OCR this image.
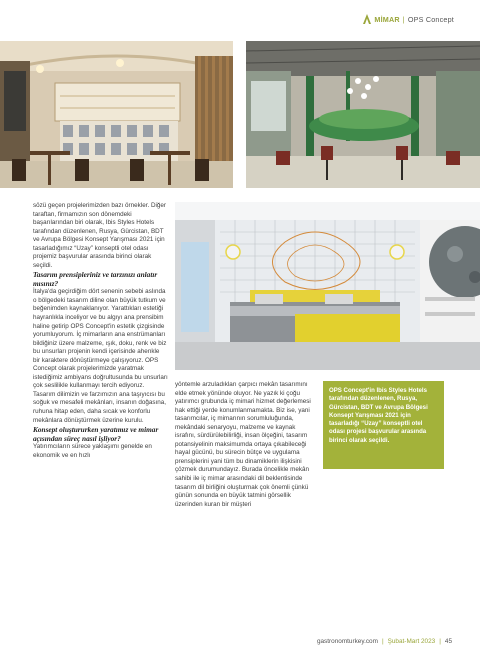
MİMAR | OPS Concept

sözü geçen projelerimizden bazı örnekler. Diğer taraftan, firmamızın son dönemdeki başarılarından biri olarak, Ibis Styles Hotels tarafından düzenlenen, Rusya, Gürcistan, BDT ve Avrupa Bölgesi Konsept Yarışması 2021 için tasarladığımız “Uzay” konseptli otel odası projemiz başvurular arasında birinci olarak seçildi.

Tasarım prensipleriniz ve tarzınızı anlatır mısınız?

İtalya'da geçirdiğim dört senenin sebebi aslında o bölgedeki tasarım diline olan büyük tutkum ve beğenimden kaynaklanıyor. Yarattıkları estetiği hayranlıkla inceliyor ve bu algıyı ana prensibim haline getirip OPS Concept'in estetik çizgisinde yorumluyorum. İç mimarların ana enstrümanları bildiğiniz üzere malzeme, ışık, doku, renk ve biz bu unsurları projenin kendi içerisinde ahenkle bir karaktere dönüştürmeye çalışıyoruz. OPS Concept olarak projelerimizde yaratmak istediğimiz ambiyans doğrultusunda bu unsurları çok sesliliklе kullanmayı tercih ediyoruz. Tasarım dilimizin ve farzımızın ana taşıyıcısı bu soğuk ve mesafeli mekânları, insanın doğasına, ruhuna hitap eden, daha sıcak ve konforlu mekânlara dönüştürmek üzerine kurulu.

Konsept oluştururken yaratımız ve mimar açısından süreç nasıl işliyor?

Yatırımcıların sürece yaklaşımı genelde en ekonomik ve en hızlı

yöntemle arzuladıkları çarpıcı mekân tasarımını elde etmek yönünde oluyor. Ne yazık ki çoğu yatırımcı grubunda iç mimari hizmet değerlemesi hak ettiği yerde konumlanmamakta. Biz ise, yani tasarımcılar, iç mimarının sorumluluğunda, mekândaki senaryoyu, malzeme ve kaynak israfını, sürdürülebilirliği, insan ölçeğini, tasarım potansiyelinin maksimumda ortaya çıkabileceği hayal gücünü, bu sürecin bütçe ve uygulama prensiplerini yani tüm bu dinamiklerin ilişkisini çözmek durumundayız. Burada öncelikle mekân sahibi ile iç mimar arasındaki dil beklentisinde tasarım dil birliğini oluşturmak çok önemli çünkü günün sonunda en büyük tatmini görsellik üzerinden kuran bir müşteri

OPS Concept'in Ibis Styles Hotels tarafından düzenlenen, Rusya, Gürcistan, BDT ve Avrupa Bölgesi Konsept Yarışması 2021 için tasarladığı “Uzay” konseptli otel odası projesi başvurular arasında birinci olarak seçildi.
gastronomturkey.com | Şubat-Mart 2023 | 45
